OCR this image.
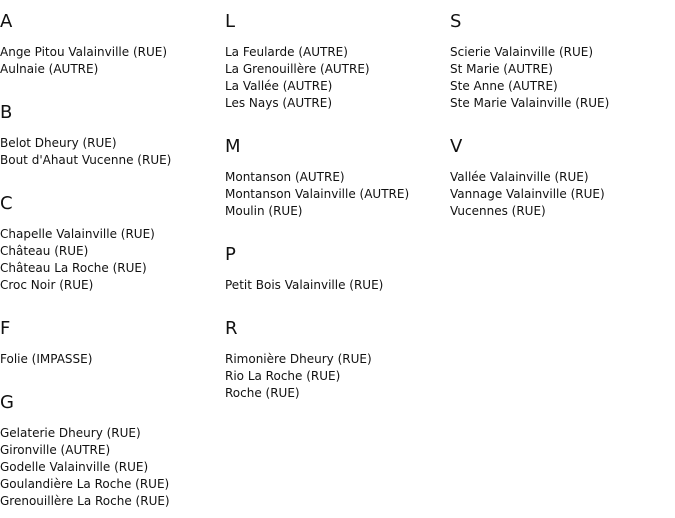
A
Ange Pitou Valainville (RUE)
Aulnaie (AUTRE)
B
Belot Dheury (RUE)
Bout d'Ahaut Vucenne (RUE)
C
Chapelle Valainville (RUE)
Château (RUE)
Château La Roche (RUE)
Croc Noir (RUE)
F
Folie (IMPASSE)
G
Gelaterie Dheury (RUE)
Gironville (AUTRE)
Godelle Valainville (RUE)
Goulandière La Roche (RUE)
Grenouillère La Roche (RUE)
L
La Feularde (AUTRE)
La Grenouillère (AUTRE)
La Vallée (AUTRE)
Les Nays (AUTRE)
M
Montanson (AUTRE)
Montanson Valainville (AUTRE)
Moulin (RUE)
P
Petit Bois Valainville (RUE)
R
Rimonière Dheury (RUE)
Rio La Roche (RUE)
Roche (RUE)
S
Scierie Valainville (RUE)
St Marie (AUTRE)
Ste Anne (AUTRE)
Ste Marie Valainville (RUE)
V
Vallée Valainville (RUE)
Vannage Valainville (RUE)
Vucennes (RUE)
